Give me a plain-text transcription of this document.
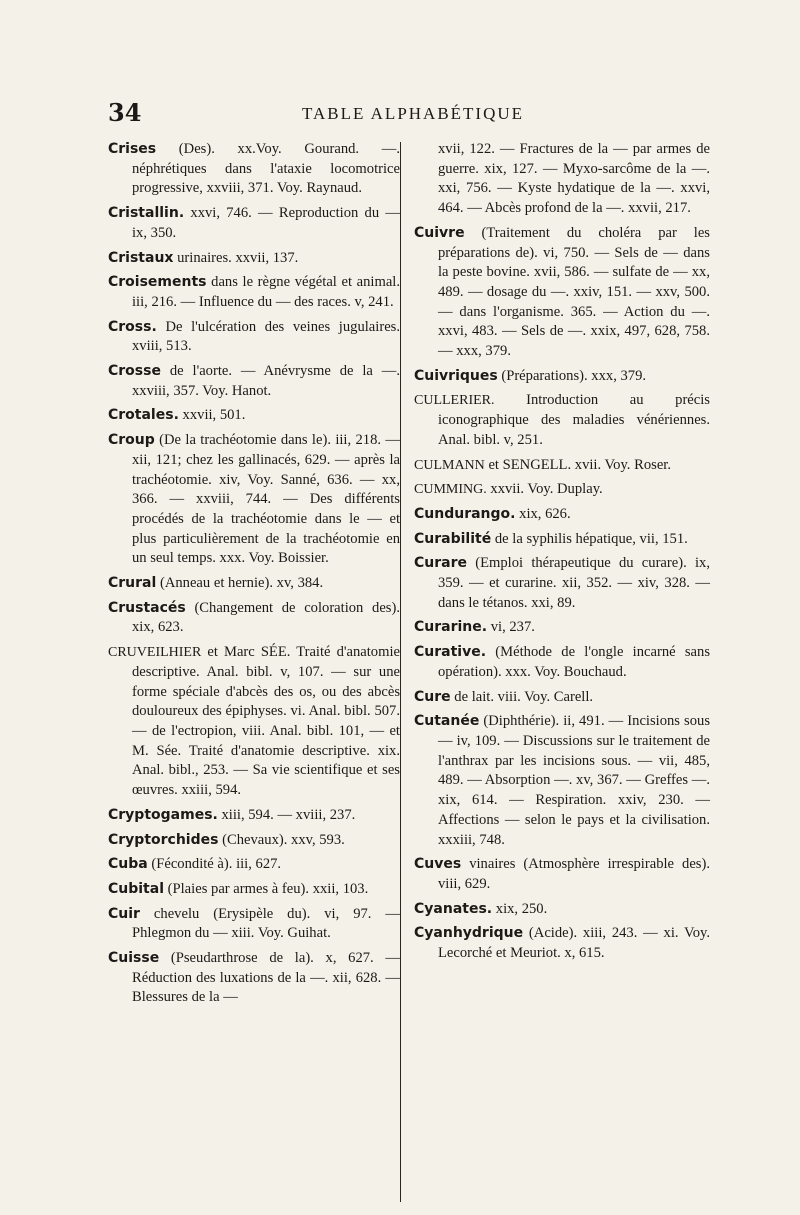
34	TABLE ALPHABÉTIQUE

Crises (Des). xx.Voy. Gourand. —. néphrétiques dans l'ataxie locomotrice progressive, xxviii, 371. Voy. Raynaud.

Cristallin. xxvi, 746. — Reproduction du — ix, 350.

Cristaux urinaires. xxvii, 137.

Croisements dans le règne végétal et animal. iii, 216. — Influence du — des races. v, 241.

Cross. De l'ulcération des veines jugulaires. xviii, 513.

Crosse de l'aorte. — Anévrysme de la —. xxviii, 357. Voy. Hanot.

Crotales. xxvii, 501.

Croup (De la trachéotomie dans le). iii, 218. — xii, 121; chez les gallinacés, 629. — après la trachéotomie. xiv, Voy. Sanné, 636. — xx, 366. — xxviii, 744. — Des différents procédés de la trachéotomie dans le — et plus particulièrement de la trachéotomie en un seul temps. xxx. Voy. Boissier.

Crural (Anneau et hernie). xv, 384.

Crustacés (Changement de coloration des). xix, 623.

CRUVEILHIER et Marc SÉE. Traité d'anatomie descriptive. Anal. bibl. v, 107. — sur une forme spéciale d'abcès des os, ou des abcès douloureux des épiphyses. vi. Anal. bibl. 507. — de l'ectropion, viii. Anal. bibl. 101, — et M. Sée. Traité d'anatomie descriptive. xix. Anal. bibl., 253. — Sa vie scientifique et ses œuvres. xxiii, 594.

Cryptogames. xiii, 594. — xviii, 237.

Cryptorchides (Chevaux). xxv, 593.

Cuba (Fécondité à). iii, 627.

Cubital (Plaies par armes à feu). xxii, 103.

Cuir chevelu (Erysipèle du). vi, 97. — Phlegmon du — xiii. Voy. Guihat.

Cuisse (Pseudarthrose de la). x, 627. — Réduction des luxations de la —. xii, 628. — Blessures de la —

xvii, 122. — Fractures de la — par armes de guerre. xix, 127. — Myxo-sarcôme de la —. xxi, 756. — Kyste hydatique de la —. xxvi, 464. — Abcès profond de la —. xxvii, 217.

Cuivre (Traitement du choléra par les préparations de). vi, 750. — Sels de — dans la peste bovine. xvii, 586. — sulfate de — xx, 489. — dosage du —. xxiv, 151. — xxv, 500. — dans l'organisme. 365. — Action du —. xxvi, 483. — Sels de —. xxix, 497, 628, 758. — xxx, 379.

Cuivriques (Préparations). xxx, 379.

CULLERIER. Introduction au précis iconographique des maladies vénériennes. Anal. bibl. v, 251.

CULMANN et SENGELL. xvii. Voy. Roser.

CUMMING. xxvii. Voy. Duplay.

Cundurango. xix, 626.

Curabilité de la syphilis hépatique, vii, 151.

Curare (Emploi thérapeutique du curare). ix, 359. — et curarine. xii, 352. — xiv, 328. — dans le tétanos. xxi, 89.

Curarine. vi, 237.

Curative. (Méthode de l'ongle incarné sans opération). xxx. Voy. Bouchaud.

Cure de lait. viii. Voy. Carell.

Cutanée (Diphthérie). ii, 491. — Incisions sous — iv, 109. — Discussions sur le traitement de l'anthrax par les incisions sous. — vii, 485, 489. — Absorption —. xv, 367. — Greffes —. xix, 614. — Respiration. xxiv, 230. — Affections — selon le pays et la civilisation. xxxiii, 748.

Cuves vinaires (Atmosphère irrespirable des). viii, 629.

Cyanates. xix, 250.

Cyanhydrique (Acide). xiii, 243. — xi. Voy. Lecorché et Meuriot. x, 615.
